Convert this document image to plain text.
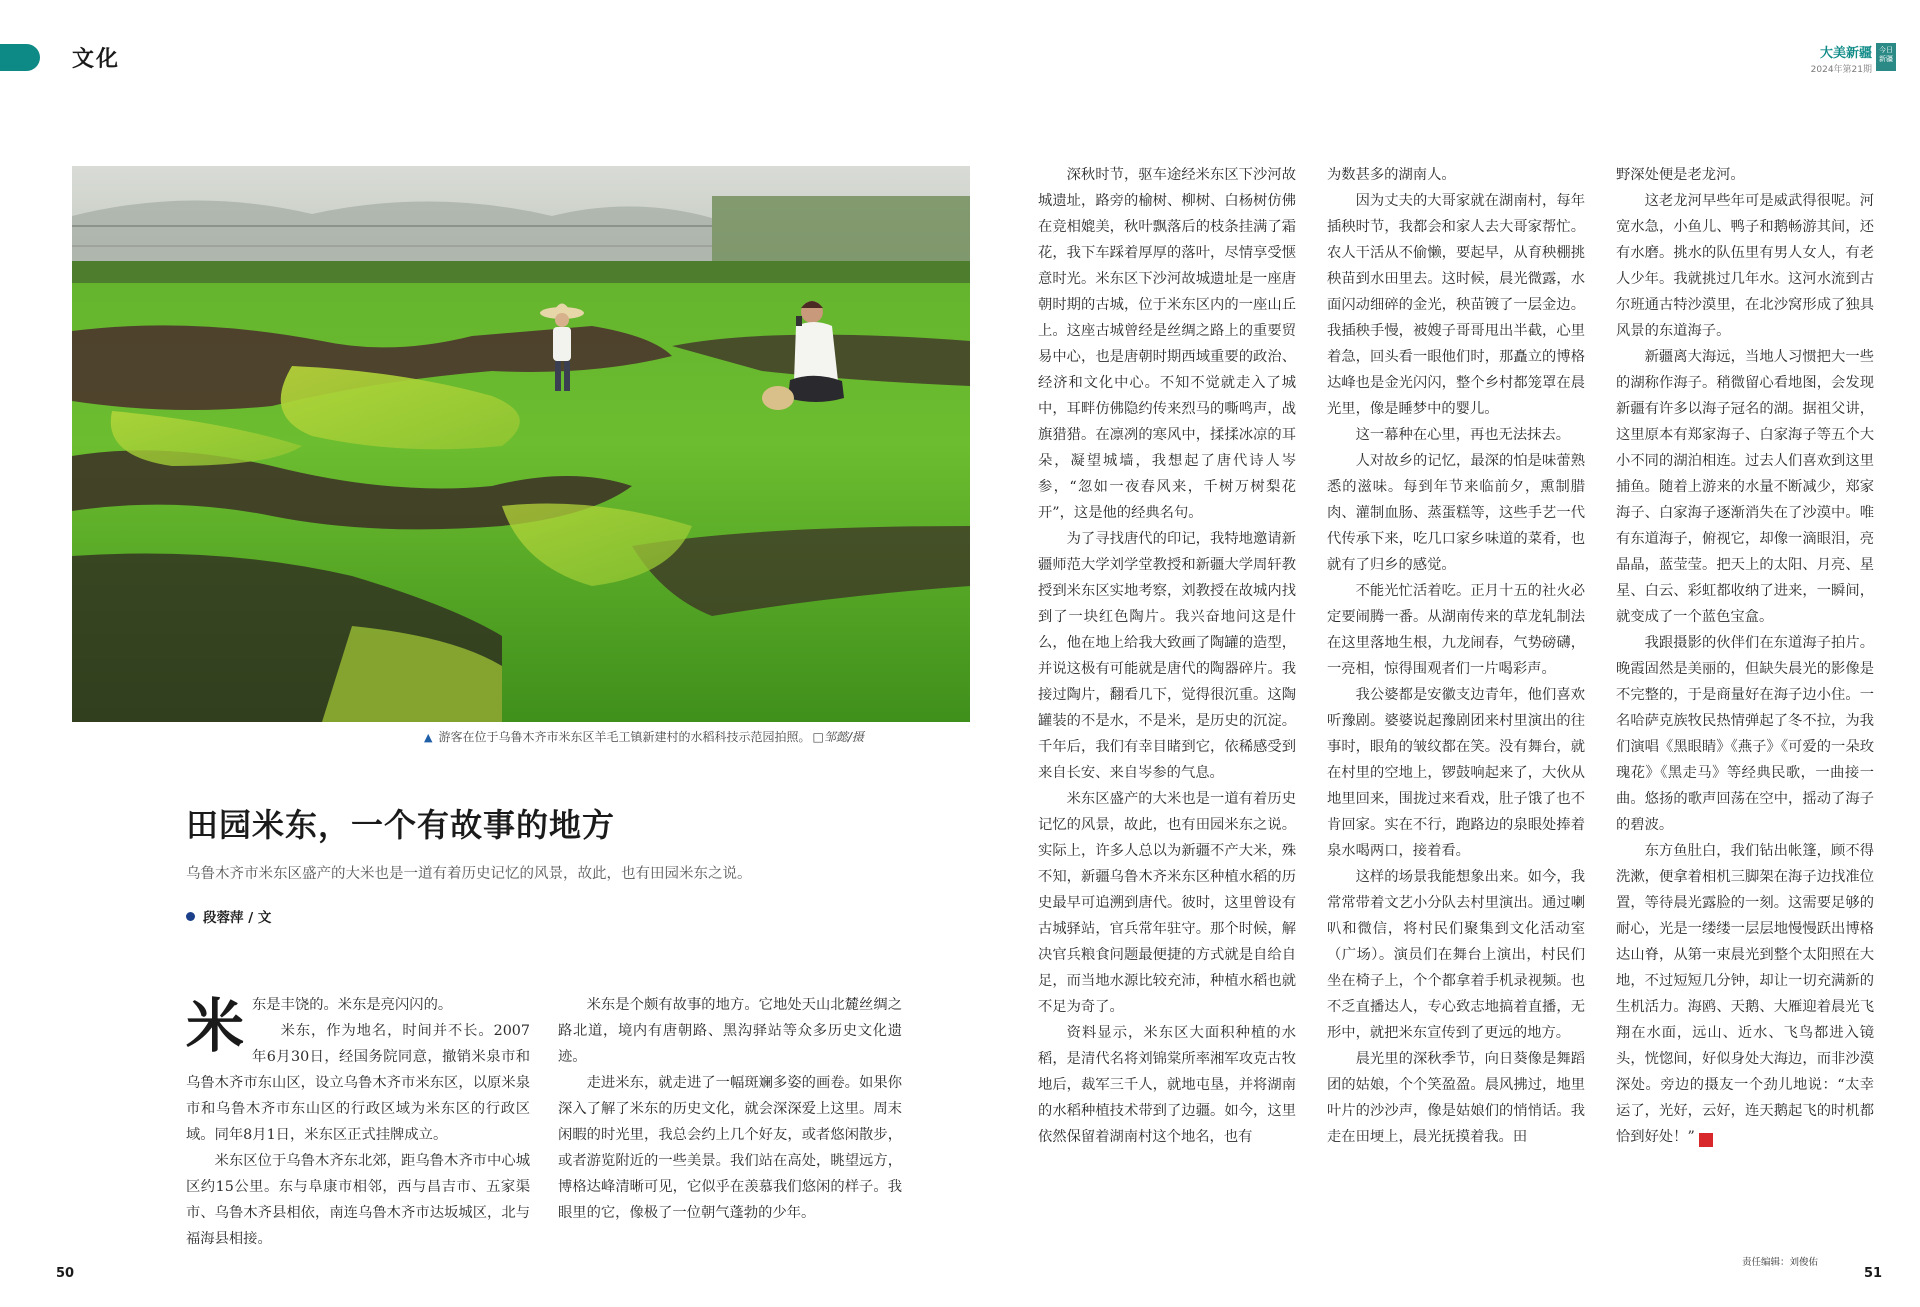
文化	大美新疆
2024年第21期
今日新疆
▲ 游客在位于乌鲁木齐市米东区羊毛工镇新建村的水稻科技示范园拍照。 □邹懿/摄
田园米东，一个有故事的地方
乌鲁木齐市米东区盛产的大米也是一道有着历史记忆的风景，故此，也有田园米东之说。
段蓉萍 / 文
米 东是丰饶的。米东是亮闪闪的。

米东，作为地名，时间并不长。2007年6月30日，经国务院同意，撤销米泉市和乌鲁木齐市东山区，设立乌鲁木齐市米东区，以原米泉市和乌鲁木齐市东山区的行政区域为米东区的行政区域。同年8月1日，米东区正式挂牌成立。

米东区位于乌鲁木齐东北郊，距乌鲁木齐市中心城区约15公里。东与阜康市相邻，西与昌吉市、五家渠市、乌鲁木齐县相依，南连乌鲁木齐市达坂城区，北与福海县相接。

米东是个颇有故事的地方。它地处天山北麓丝绸之路北道，境内有唐朝路、黑沟驿站等众多历史文化遗迹。

走进米东，就走进了一幅斑斓多姿的画卷。如果你深入了解了米东的历史文化，就会深深爱上这里。周末闲暇的时光里，我总会约上几个好友，或者悠闲散步，或者游览附近的一些美景。我们站在高处，眺望远方，博格达峰清晰可见，它似乎在羡慕我们悠闲的样子。我眼里的它，像极了一位朝气蓬勃的少年。

深秋时节，驱车途经米东区下沙河故城遗址，路旁的榆树、柳树、白杨树仿佛在竞相媲美，秋叶飘落后的枝条挂满了霜花，我下车踩着厚厚的落叶，尽情享受惬意时光。米东区下沙河故城遗址是一座唐朝时期的古城，位于米东区内的一座山丘上。这座古城曾经是丝绸之路上的重要贸易中心，也是唐朝时期西域重要的政治、经济和文化中心。不知不觉就走入了城中，耳畔仿佛隐约传来烈马的嘶鸣声，战旗猎猎。在凛冽的寒风中，揉揉冰凉的耳朵，凝望城墙，我想起了唐代诗人岑参，“忽如一夜春风来，千树万树梨花开”，这是他的经典名句。

为了寻找唐代的印记，我特地邀请新疆师范大学刘学堂教授和新疆大学周轩教授到米东区实地考察，刘教授在故城内找到了一块红色陶片。我兴奋地问这是什么，他在地上给我大致画了陶罐的造型，并说这极有可能就是唐代的陶器碎片。我接过陶片，翻看几下，觉得很沉重。这陶罐装的不是水，不是米，是历史的沉淀。千年后，我们有幸目睹到它，依稀感受到来自长安、来自岑参的气息。

米东区盛产的大米也是一道有着历史记忆的风景，故此，也有田园米东之说。实际上，许多人总以为新疆不产大米，殊不知，新疆乌鲁木齐米东区种植水稻的历史最早可追溯到唐代。彼时，这里曾设有古城驿站，官兵常年驻守。那个时候，解决官兵粮食问题最便捷的方式就是自给自足，而当地水源比较充沛，种植水稻也就不足为奇了。

资料显示，米东区大面积种植的水稻，是清代名将刘锦棠所率湘军攻克古牧地后，裁军三千人，就地屯垦，并将湖南的水稻种植技术带到了边疆。如今，这里依然保留着湖南村这个地名，也有

为数甚多的湖南人。

因为丈夫的大哥家就在湖南村，每年插秧时节，我都会和家人去大哥家帮忙。农人干活从不偷懒，要起早，从育秧棚挑秧苗到水田里去。这时候，晨光微露，水面闪动细碎的金光，秧苗镀了一层金边。我插秧手慢，被嫂子哥哥甩出半截，心里着急，回头看一眼他们时，那矗立的博格达峰也是金光闪闪，整个乡村都笼罩在晨光里，像是睡梦中的婴儿。

这一幕种在心里，再也无法抹去。

人对故乡的记忆，最深的怕是味蕾熟悉的滋味。每到年节来临前夕，熏制腊肉、灌制血肠、蒸蛋糕等，这些手艺一代代传承下来，吃几口家乡味道的菜肴，也就有了归乡的感觉。

不能光忙活着吃。正月十五的社火必定要闹腾一番。从湖南传来的草龙轧制法在这里落地生根，九龙闹春，气势磅礴，一亮相，惊得围观者们一片喝彩声。

我公婆都是安徽支边青年，他们喜欢听豫剧。婆婆说起豫剧团来村里演出的往事时，眼角的皱纹都在笑。没有舞台，就在村里的空地上，锣鼓响起来了，大伙从地里回来，围拢过来看戏，肚子饿了也不肯回家。实在不行，跑路边的泉眼处捧着泉水喝两口，接着看。

这样的场景我能想象出来。如今，我常常带着文艺小分队去村里演出。通过喇叭和微信，将村民们聚集到文化活动室（广场）。演员们在舞台上演出，村民们坐在椅子上，个个都拿着手机录视频。也不乏直播达人，专心致志地搞着直播，无形中，就把米东宣传到了更远的地方。

晨光里的深秋季节，向日葵像是舞蹈团的姑娘，个个笑盈盈。晨风拂过，地里叶片的沙沙声，像是姑娘们的悄悄话。我走在田埂上，晨光抚摸着我。田

野深处便是老龙河。

这老龙河早些年可是威武得很呢。河宽水急，小鱼儿、鸭子和鹅畅游其间，还有水磨。挑水的队伍里有男人女人，有老人少年。我就挑过几年水。这河水流到古尔班通古特沙漠里，在北沙窝形成了独具风景的东道海子。

新疆离大海远，当地人习惯把大一些的湖称作海子。稍微留心看地图，会发现新疆有许多以海子冠名的湖。据祖父讲，这里原本有郑家海子、白家海子等五个大小不同的湖泊相连。过去人们喜欢到这里捕鱼。随着上游来的水量不断减少，郑家海子、白家海子逐渐消失在了沙漠中。唯有东道海子，俯视它，却像一滴眼泪，亮晶晶，蓝莹莹。把天上的太阳、月亮、星星、白云、彩虹都收纳了进来，一瞬间，就变成了一个蓝色宝盒。

我跟摄影的伙伴们在东道海子拍片。晚霞固然是美丽的，但缺失晨光的影像是不完整的，于是商量好在海子边小住。一名哈萨克族牧民热情弹起了冬不拉，为我们演唱《黑眼睛》《燕子》《可爱的一朵玫瑰花》《黑走马》等经典民歌，一曲接一曲。悠扬的歌声回荡在空中，摇动了海子的碧波。

东方鱼肚白，我们钻出帐篷，顾不得洗漱，便拿着相机三脚架在海子边找准位置，等待晨光露脸的一刻。这需要足够的耐心，光是一缕缕一层层地慢慢跃出博格达山脊，从第一束晨光到整个太阳照在大地，不过短短几分钟，却让一切充满新的生机活力。海鸥、天鹅、大雁迎着晨光飞翔在水面，远山、近水、飞鸟都进入镜头，恍惚间，好似身处大海边，而非沙漠深处。旁边的摄友一个劲儿地说：“太幸运了，光好，云好，连天鹅起飞的时机都恰到好处！”	J

50
责任编辑：刘俊佑
51
